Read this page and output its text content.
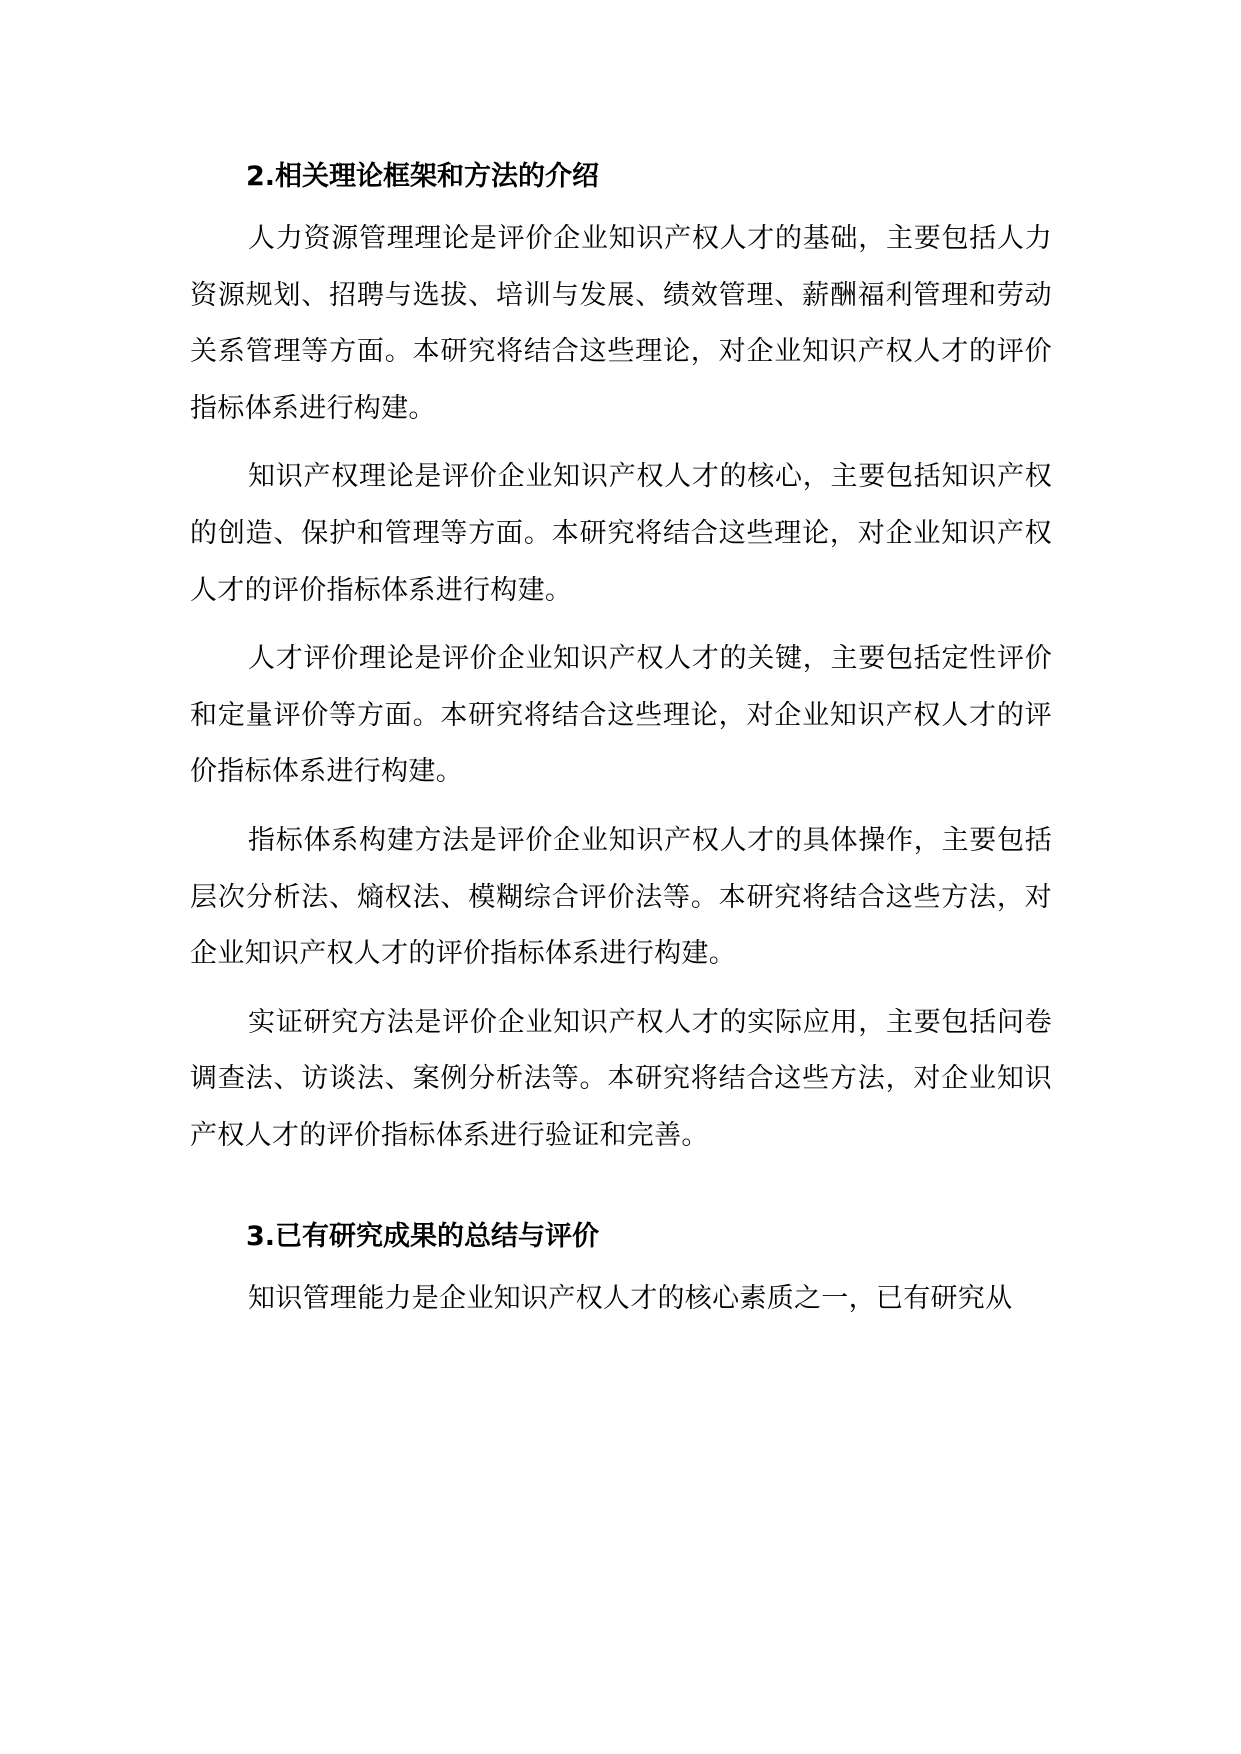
2.相关理论框架和方法的介绍

人力资源管理理论是评价企业知识产权人才的基础，主要包括人力资源规划、招聘与选拔、培训与发展、绩效管理、薪酬福利管理和劳动关系管理等方面。本研究将结合这些理论，对企业知识产权人才的评价指标体系进行构建。

知识产权理论是评价企业知识产权人才的核心，主要包括知识产权的创造、保护和管理等方面。本研究将结合这些理论，对企业知识产权人才的评价指标体系进行构建。

人才评价理论是评价企业知识产权人才的关键，主要包括定性评价和定量评价等方面。本研究将结合这些理论，对企业知识产权人才的评价指标体系进行构建。

指标体系构建方法是评价企业知识产权人才的具体操作，主要包括层次分析法、熵权法、模糊综合评价法等。本研究将结合这些方法，对企业知识产权人才的评价指标体系进行构建。

实证研究方法是评价企业知识产权人才的实际应用，主要包括问卷调查法、访谈法、案例分析法等。本研究将结合这些方法，对企业知识产权人才的评价指标体系进行验证和完善。

3.已有研究成果的总结与评价

知识管理能力是企业知识产权人才的核心素质之一，已有研究从
